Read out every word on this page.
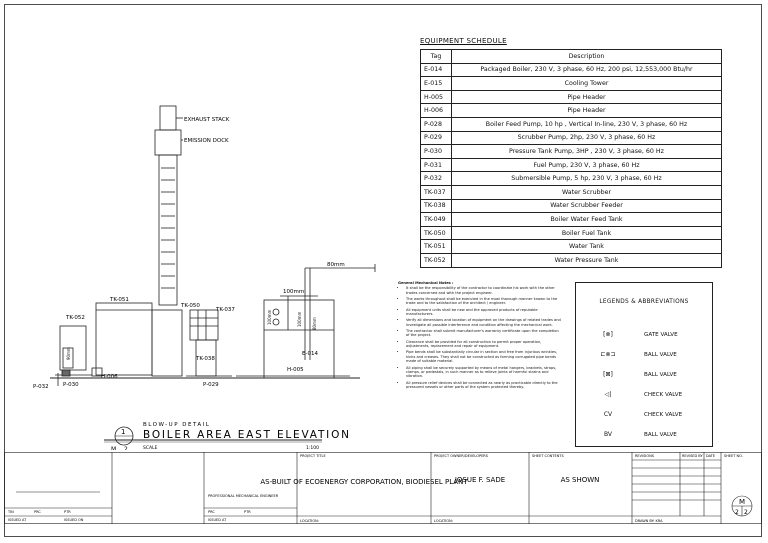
EXHAUST STACK
EMISSION DOCK
TK-051
TK-052
90mm
P-030
H-006
P-032
TK-050
TK-037
TK-038
P-029
80mm
100mm
100mm	100mm	80mm
E-014
H-005
1
BLOW-UP DETAIL
BOILER AREA EAST ELEVATION
SCALE	1:100
M 2
EQUIPMENT SCHEDULE
Tag	Description
E-014	Packaged Boiler, 230 V, 3 phase, 60 Hz, 200 psi, 12,553,000 Btu/hr
E-015	Cooling Tower
H-005	Pipe Header
H-006	Pipe Header
P-028	Boiler Feed Pump, 10 hp , Vertical In-line, 230 V, 3 phase, 60 Hz
P-029	Scrubber Pump, 2hp, 230 V, 3 phase, 60 Hz
P-030	Pressure Tank Pump, 3HP , 230 V, 3 phase, 60 Hz
P-031	Fuel Pump, 230 V, 3 phase, 60 Hz
P-032	Submersible Pump, 5 hp, 230 V, 3 phase, 60 Hz
TK-037	Water Scrubber
TK-038	Water Scrubber Feeder
TK-049	Boiler Water Feed Tank
TK-050	Boiler Fuel Tank
TK-051	Water Tank
TK-052	Water Pressure Tank
General Mechanical Notes :
• It shall be the responsibility of the contractor to coordinate his work with the other trades concerned and with the project engineer.
• The works throughout shall be executed in the most thorough manner known to the trade and to the satisfaction of the architect / engineer.
• All equipment units shall be new and the approved products of reputable manufacturers.
• Verify all dimensions and location of equipment on the drawings of related trades and investigate all possible interference and condition affecting the mechanical work.
• The contractor shall submit manufacturer's warranty certificate upon the completion of the project.
• Clearance shall be provided for all construction to permit proper operation, adjustments, replacement and repair of equipment.
• Pipe bends shall be substantially circular in section and free from injurious wrinkles, kinks and creases. They shall not be constructed as forming corrugated pipe bends made of suitable material.
• All piping shall be securely supported by means of metal hangers, brackets, straps, clamps, or pedestals, in such manner as to relieve joints of harmful strains and vibration.
• All pressure relief devices shall be connected as nearly as practicable directly to the pressured vessels or other parts of the system protected thereby.
LEGENDS & ABBREVIATIONS
[⊗]	GATE VALVE
⊏⊗⊐	BALL VALVE
[⊠]	BALL VALVE
◁|	CHECK VALVE
CV	CHECK VALVE
BV	BALL VALVE
PRC	PTR
TIN
ISSUED AT	ISSUED ON
PROFESSIONAL MECHANICAL ENGINEER
PRC	PTR
ISSUED AT
PROJECT TITLE
AS-BUILT OF ECOENERGY CORPORATION, BIODIESEL PLANT
LOCATION:	LOCATION:
PROJECT OWNER/DEVELOPERS
JOSUE F. SADE
SHEET CONTENTS
AS SHOWN
REVISIONS	REVISED BY DATE	SHEET NO.
DRAWN BY: KRA
M
2 2
